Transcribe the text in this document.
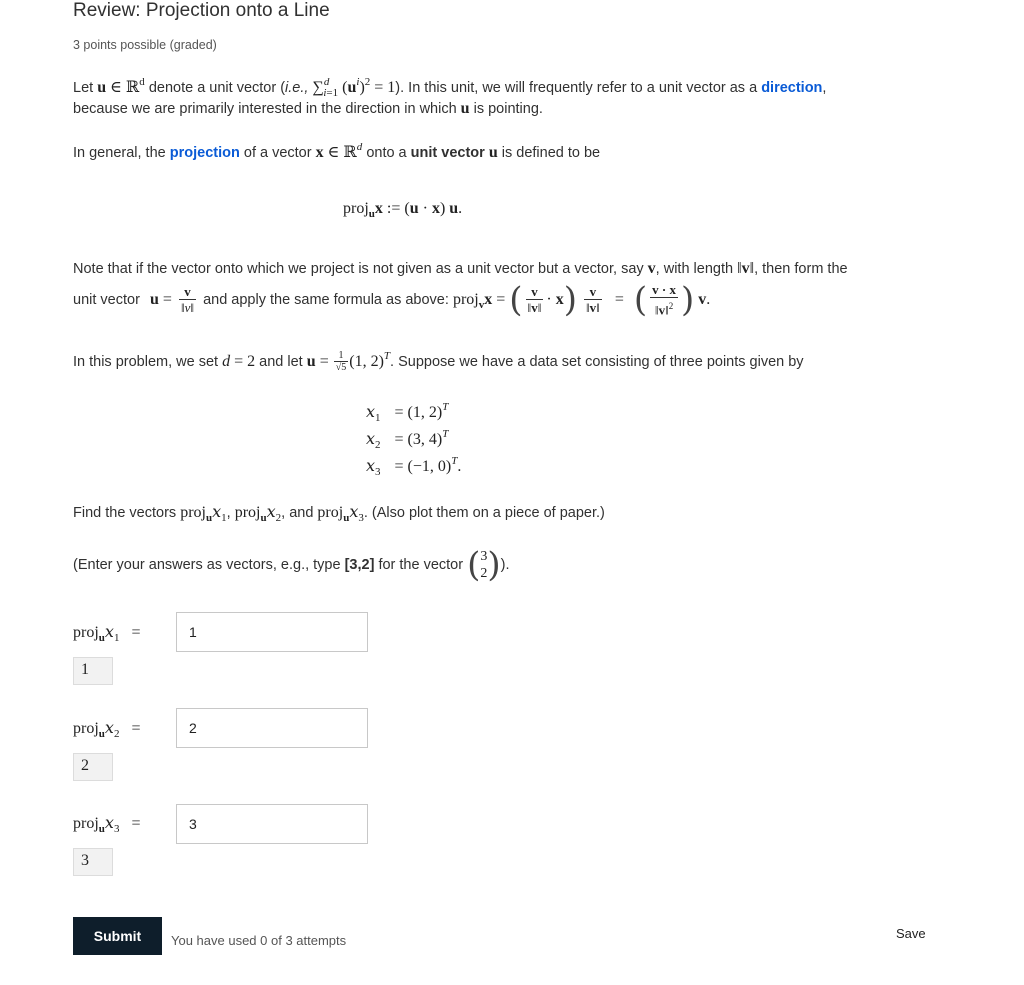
Review: Projection onto a Line
3 points possible (graded)
Let u ∈ ℝ$^d$ denote a unit vector (i.e., ∑$^d_{i=1}$ $(u^i)^2 = 1$). In this unit, we will frequently refer to a unit vector as a direction,
because we are primarily interested in the direction in which u is pointing.
In general, the projection of a vector x ∈ ℝ$^d$ onto a unit vector u is defined to be
proj$_u$x := (u · x) u.
Note that if the vector onto which we project is not given as a unit vector but a vector, say v, with length ‖v‖, then form the
unit vector $u = \frac{v}{‖v‖}$ and apply the same formula as above: proj$_v$x = ( $\frac{v}{‖v‖} \cdot x) \frac{v}{‖v‖}$ = ( $\frac{v \cdot x}{‖v‖^2}$ ) v.
In this problem, we set d = 2 and let $u = \frac{1}{√5} (1$, 2)$^T$. Suppose we have a data set consisting of three points given by
𝑥$_1$ = (1, 2)$^T$
𝑥$_2$ = (3, 4)$^T$
𝑥$_3$ = (−1, 0)$^T$.
Find the vectors proj$_u$𝑥$_1$, proj$_u$𝑥$_2$, and proj$_u$𝑥$_3$. (Also plot them on a piece of paper.)
(Enter your answers as vectors, e.g., type [3,2] for the vector (3
2)).
proj$_u$𝑥$_1$ =
1
1
proj$_u$𝑥$_2$ =
2
2
proj$_u$𝑥$_3$ =
3
3
Submit	You have used 0 of 3 attempts	Save
